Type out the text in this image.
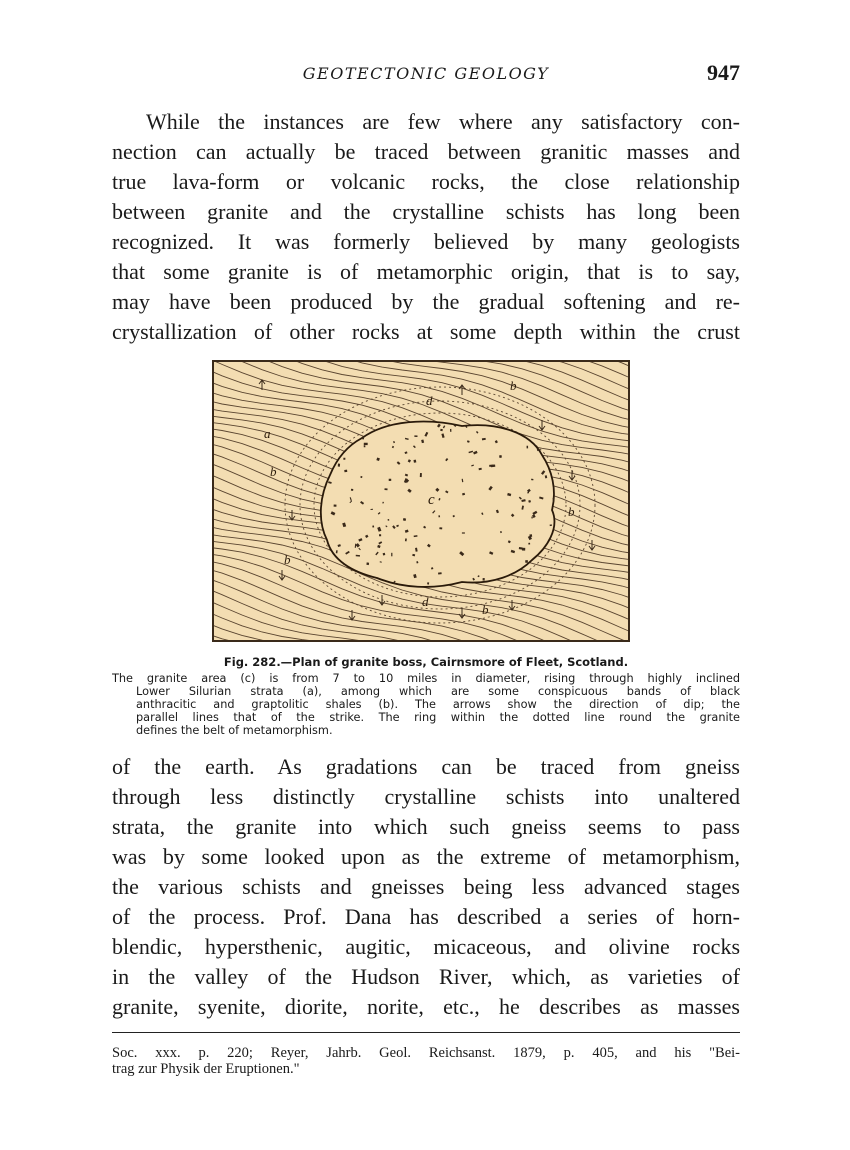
GEOTECTONIC GEOLOGY	947
While the instances are few where any satisfactory con-
nection can actually be traced between granitic masses and
true lava-form or volcanic rocks, the close relationship
between granite and the crystalline schists has long been
recognized. It was formerly believed by many geologists
that some granite is of metamorphic origin, that is to say,
may have been produced by the gradual softening and re-
crystallization of other rocks at some depth within the crust
a
b
b
b
b
b
c
d
d
Fig. 282.—Plan of granite boss, Cairnsmore of Fleet, Scotland.
The granite area (c) is from 7 to 10 miles in diameter, rising through highly inclined
Lower Silurian strata (a), among which are some conspicuous bands of black
anthracitic and graptolitic shales (b). The arrows show the direction of dip; the
parallel lines that of the strike. The ring within the dotted line round the granite
defines the belt of metamorphism.
of the earth. As gradations can be traced from gneiss
through less distinctly crystalline schists into unaltered
strata, the granite into which such gneiss seems to pass
was by some looked upon as the extreme of metamorphism,
the various schists and gneisses being less advanced stages
of the process. Prof. Dana has described a series of horn-
blendic, hypersthenic, augitic, micaceous, and olivine rocks
in the valley of the Hudson River, which, as varieties of
granite, syenite, diorite, norite, etc., he describes as masses
Soc. xxx. p. 220; Reyer, Jahrb. Geol. Reichsanst. 1879, p. 405, and his "Bei-
trag zur Physik der Eruptionen."
